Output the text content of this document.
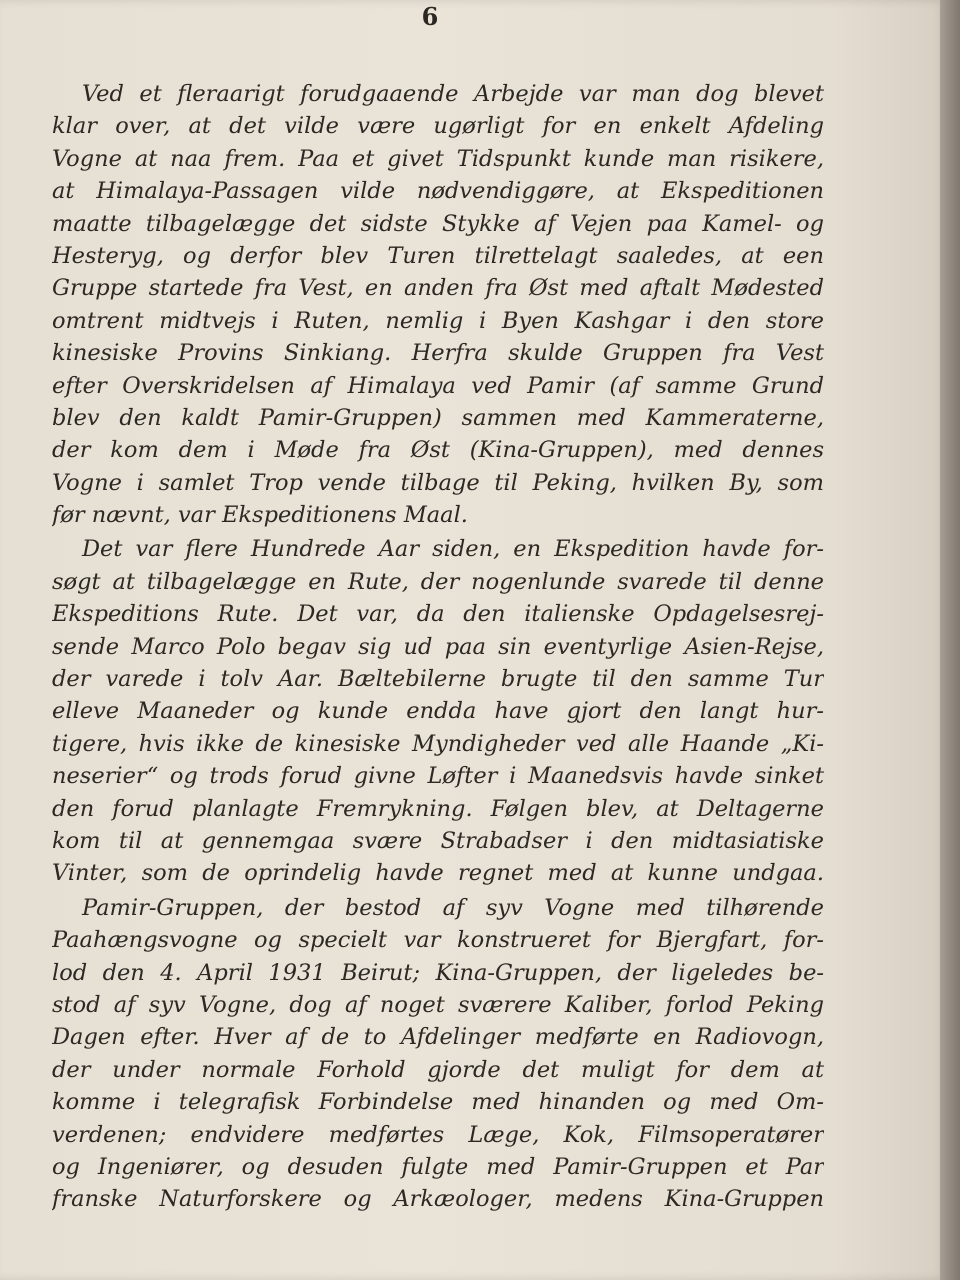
6
Ved et fleraarigt forudgaaende Arbejde var man dog blevet
klar over, at det vilde være ugørligt for en enkelt Afdeling
Vogne at naa frem. Paa et givet Tidspunkt kunde man risikere,
at Himalaya-Passagen vilde nødvendiggøre, at Ekspeditionen
maatte tilbagelægge det sidste Stykke af Vejen paa Kamel- og
Hesteryg, og derfor blev Turen tilrettelagt saaledes, at een
Gruppe startede fra Vest, en anden fra Øst med aftalt Mødested
omtrent midtvejs i Ruten, nemlig i Byen Kashgar i den store
kinesiske Provins Sinkiang. Herfra skulde Gruppen fra Vest
efter Overskridelsen af Himalaya ved Pamir (af samme Grund
blev den kaldt Pamir-Gruppen) sammen med Kammeraterne,
der kom dem i Møde fra Øst (Kina-Gruppen), med dennes
Vogne i samlet Trop vende tilbage til Peking, hvilken By, som
før nævnt, var Ekspeditionens Maal.
Det var flere Hundrede Aar siden, en Ekspedition havde for-
søgt at tilbagelægge en Rute, der nogenlunde svarede til denne
Ekspeditions Rute. Det var, da den italienske Opdagelsesrej-
sende Marco Polo begav sig ud paa sin eventyrlige Asien-Rejse,
der varede i tolv Aar. Bæltebilerne brugte til den samme Tur
elleve Maaneder og kunde endda have gjort den langt hur-
tigere, hvis ikke de kinesiske Myndigheder ved alle Haande „Ki-
neserier“ og trods forud givne Løfter i Maanedsvis havde sinket
den forud planlagte Fremrykning. Følgen blev, at Deltagerne
kom til at gennemgaa svære Strabadser i den midtasiatiske
Vinter, som de oprindelig havde regnet med at kunne undgaa.
Pamir-Gruppen, der bestod af syv Vogne med tilhørende
Paahængsvogne og specielt var konstrueret for Bjergfart, for-
lod den 4. April 1931 Beirut; Kina-Gruppen, der ligeledes be-
stod af syv Vogne, dog af noget sværere Kaliber, forlod Peking
Dagen efter. Hver af de to Afdelinger medførte en Radiovogn,
der under normale Forhold gjorde det muligt for dem at
komme i telegrafisk Forbindelse med hinanden og med Om-
verdenen; endvidere medførtes Læge, Kok, Filmsoperatører
og Ingeniører, og desuden fulgte med Pamir-Gruppen et Par
franske Naturforskere og Arkæologer, medens Kina-Gruppen
